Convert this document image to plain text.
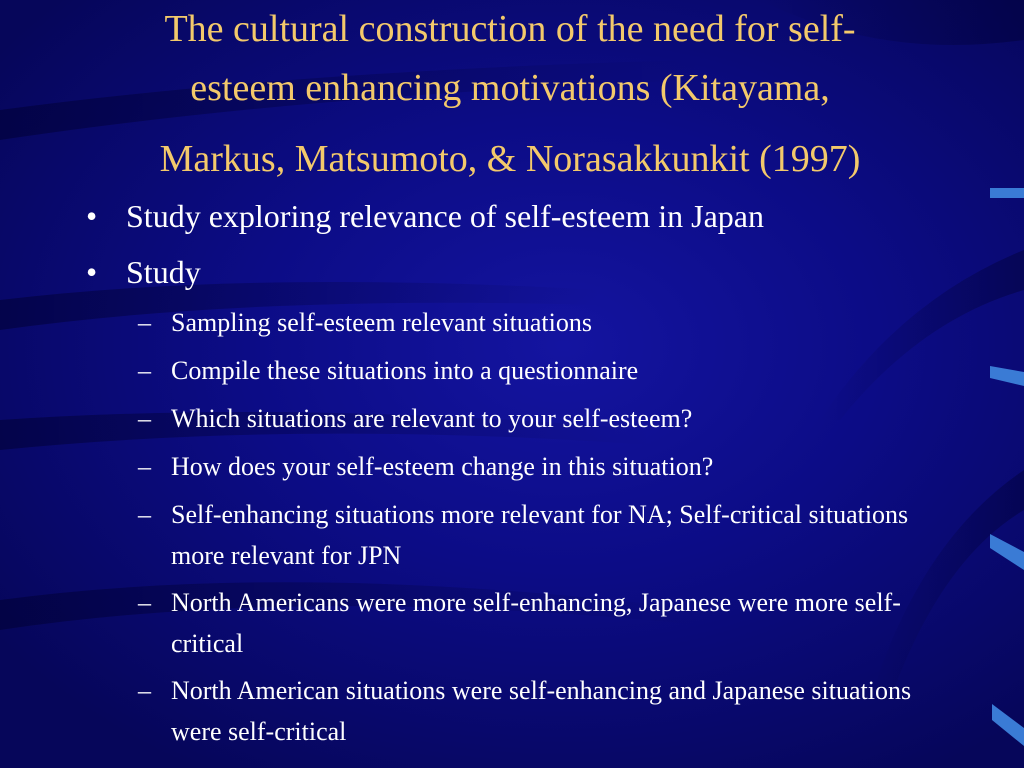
The cultural construction of the need for self-
esteem enhancing motivations (Kitayama,
Markus, Matsumoto, & Norasakkunkit (1997)
• Study exploring relevance of self-esteem in Japan
• Study
– Sampling self-esteem relevant situations
– Compile these situations into a questionnaire
– Which situations are relevant to your self-esteem?
– How does your self-esteem change in this situation?
– Self-enhancing situations more relevant for NA; Self-critical situations more relevant for JPN
– North Americans were more self-enhancing, Japanese were more self-critical
– North American situations were self-enhancing and Japanese situations were self-critical
